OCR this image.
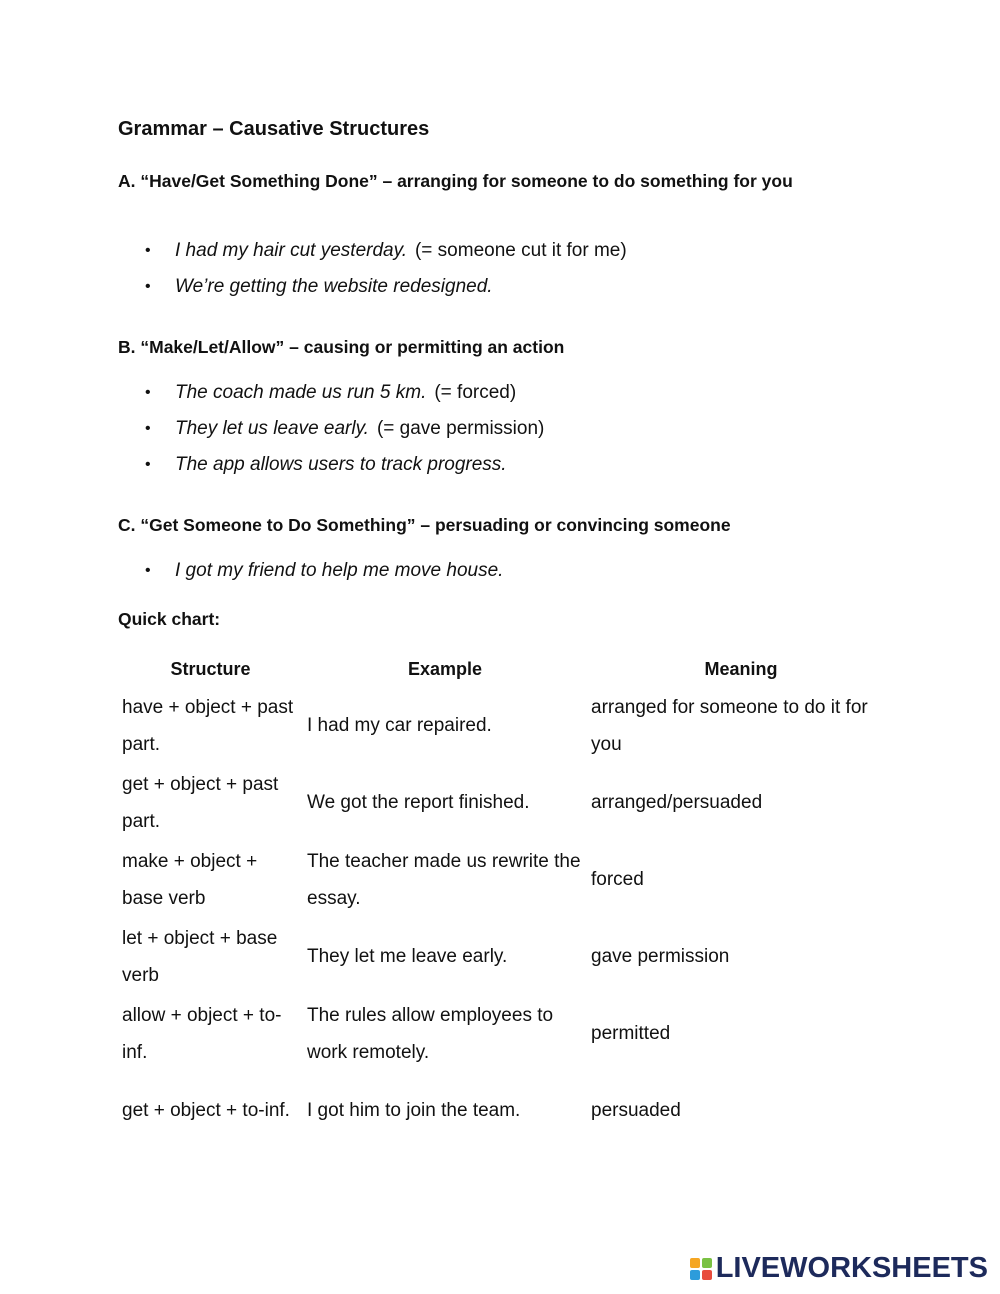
Grammar – Causative Structures
A. “Have/Get Something Done” – arranging for someone to do something for you
• I had my hair cut yesterday. (= someone cut it for me)
• We’re getting the website redesigned.
B. “Make/Let/Allow” – causing or permitting an action
• The coach made us run 5 km. (= forced)
• They let us leave early. (= gave permission)
• The app allows users to track progress.
C. “Get Someone to Do Something” – persuading or convincing someone
• I got my friend to help me move house.
Quick chart:
Structure	Example	Meaning
have + object + past part.	I had my car repaired.	arranged for someone to do it for you
get + object + past part.	We got the report finished.	arranged/persuaded
make + object + base verb	The teacher made us rewrite the essay.	forced
let + object + base verb	They let me leave early.	gave permission
allow + object + to-inf.	The rules allow employees to work remotely.	permitted
get + object + to-inf.	I got him to join the team.	persuaded
LIVEWORKSHEETS
